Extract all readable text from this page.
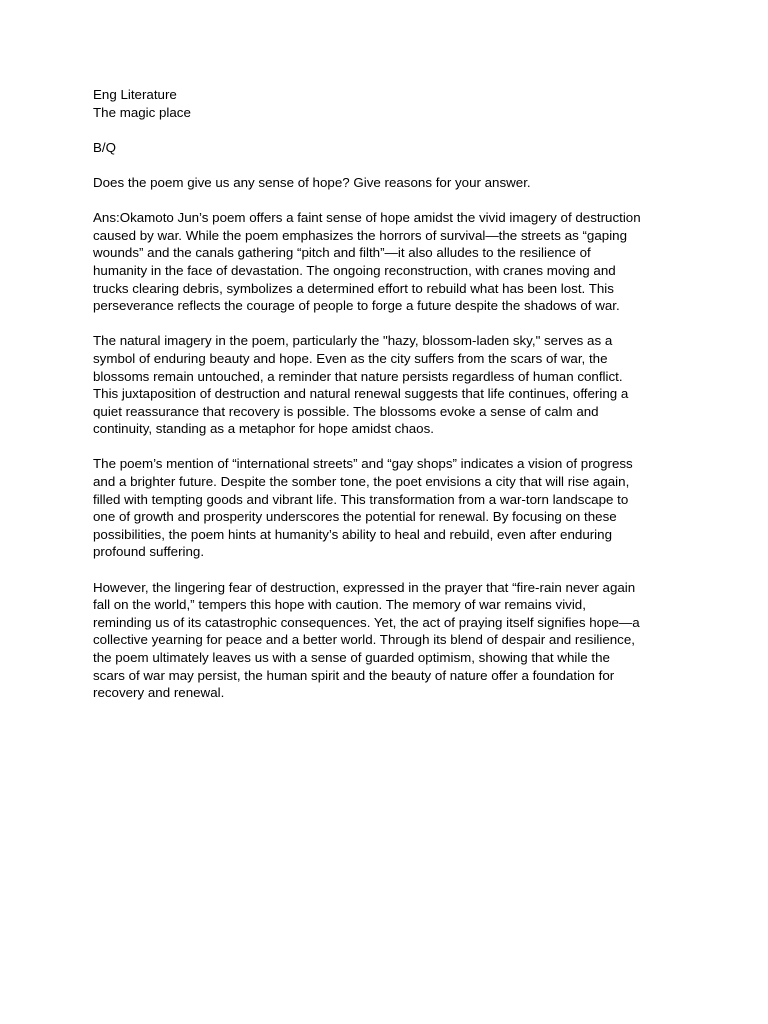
Eng Literature
The magic place
B/Q
Does the poem give us any sense of hope? Give reasons for your answer.
Ans:Okamoto Jun’s poem offers a faint sense of hope amidst the vivid imagery of destruction
caused by war. While the poem emphasizes the horrors of survival—the streets as “gaping
wounds” and the canals gathering “pitch and filth”—it also alludes to the resilience of
humanity in the face of devastation. The ongoing reconstruction, with cranes moving and
trucks clearing debris, symbolizes a determined effort to rebuild what has been lost. This
perseverance reflects the courage of people to forge a future despite the shadows of war.
The natural imagery in the poem, particularly the "hazy, blossom-laden sky," serves as a
symbol of enduring beauty and hope. Even as the city suffers from the scars of war, the
blossoms remain untouched, a reminder that nature persists regardless of human conflict.
This juxtaposition of destruction and natural renewal suggests that life continues, offering a
quiet reassurance that recovery is possible. The blossoms evoke a sense of calm and
continuity, standing as a metaphor for hope amidst chaos.
The poem’s mention of “international streets” and “gay shops” indicates a vision of progress
and a brighter future. Despite the somber tone, the poet envisions a city that will rise again,
filled with tempting goods and vibrant life. This transformation from a war-torn landscape to
one of growth and prosperity underscores the potential for renewal. By focusing on these
possibilities, the poem hints at humanity’s ability to heal and rebuild, even after enduring
profound suffering.
However, the lingering fear of destruction, expressed in the prayer that “fire-rain never again
fall on the world,” tempers this hope with caution. The memory of war remains vivid,
reminding us of its catastrophic consequences. Yet, the act of praying itself signifies hope—a
collective yearning for peace and a better world. Through its blend of despair and resilience,
the poem ultimately leaves us with a sense of guarded optimism, showing that while the
scars of war may persist, the human spirit and the beauty of nature offer a foundation for
recovery and renewal.
